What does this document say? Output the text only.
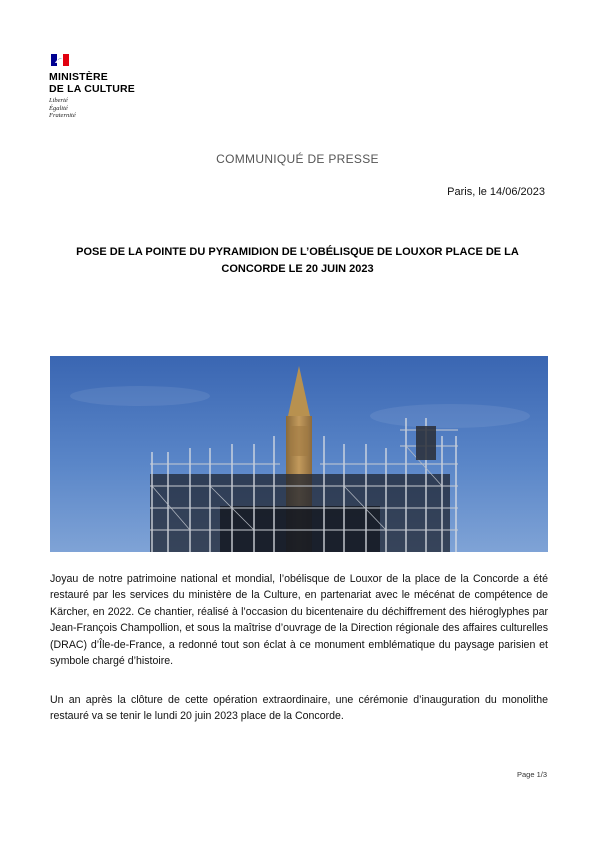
MINISTÈRE
DE LA CULTURE
Liberté
Égalité
Fraternité
COMMUNIQUÉ DE PRESSE
Paris, le 14/06/2023
POSE DE LA POINTE DU PYRAMIDION DE L’OBÉLISQUE DE LOUXOR PLACE DE LA CONCORDE LE 20 JUIN 2023

Joyau de notre patrimoine national et mondial, l’obélisque de Louxor de la place de la Concorde a été restauré par les services du ministère de la Culture, en partenariat avec le mécénat de compétence de Kärcher, en 2022. Ce chantier, réalisé à l’occasion du bicentenaire du déchiffrement des hiéroglyphes par Jean-François Champollion, et sous la maîtrise d’ouvrage de la Direction régionale des affaires culturelles (DRAC) d’Île-de-France, a redonné tout son éclat à ce monument emblématique du paysage parisien et symbole chargé d’histoire.

Un an après la clôture de cette opération extraordinaire, une cérémonie d’inauguration du monolithe restauré va se tenir le lundi 20 juin 2023 place de la Concorde.

Page 1/3
